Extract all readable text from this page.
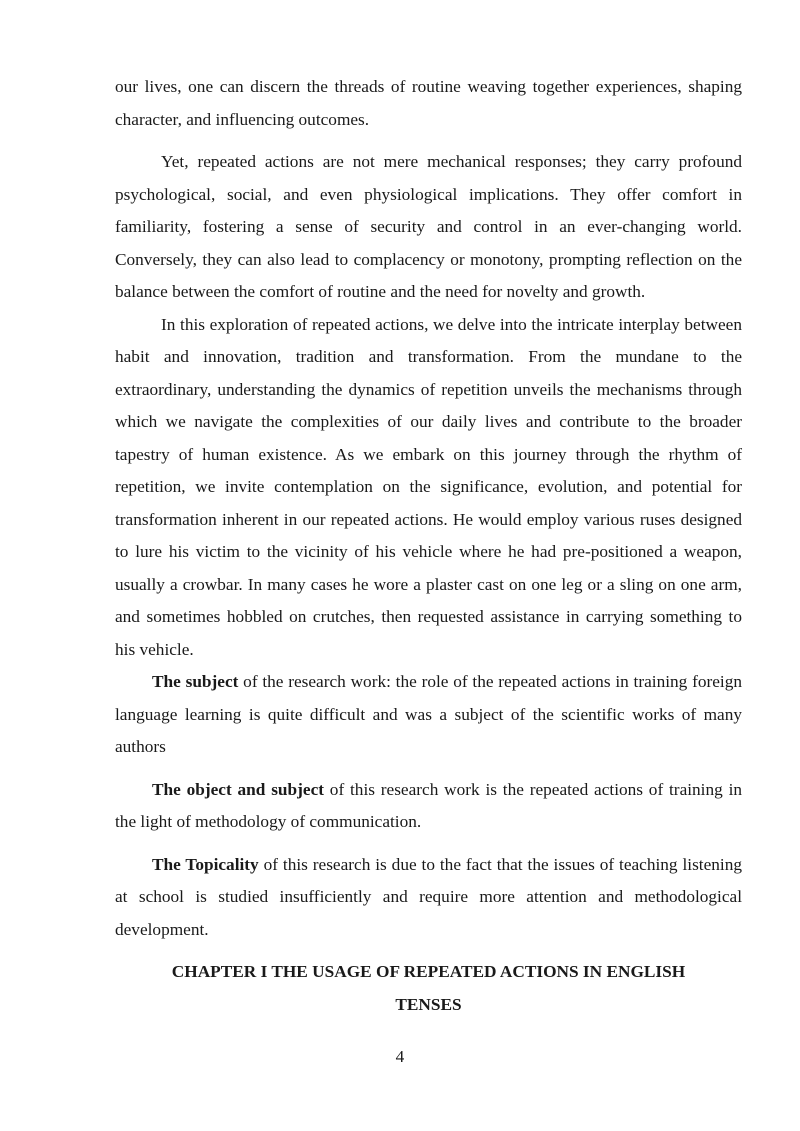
our lives, one can discern the threads of routine weaving together experiences, shaping character, and influencing outcomes.

Yet, repeated actions are not mere mechanical responses; they carry profound psychological, social, and even physiological implications. They offer comfort in familiarity, fostering a sense of security and control in an ever-changing world. Conversely, they can also lead to complacency or monotony, prompting reflection on the balance between the comfort of routine and the need for novelty and growth.

In this exploration of repeated actions, we delve into the intricate interplay between habit and innovation, tradition and transformation. From the mundane to the extraordinary, understanding the dynamics of repetition unveils the mechanisms through which we navigate the complexities of our daily lives and contribute to the broader tapestry of human existence. As we embark on this journey through the rhythm of repetition, we invite contemplation on the significance, evolution, and potential for transformation inherent in our repeated actions. He would employ various ruses designed to lure his victim to the vicinity of his vehicle where he had pre-positioned a weapon, usually a crowbar. In many cases he wore a plaster cast on one leg or a sling on one arm, and sometimes hobbled on crutches, then requested assistance in carrying something to his vehicle.

The subject of the research work: the role of the repeated actions in training foreign language learning is quite difficult and was a subject of the scientific works of many authors

The object and subject of this research work is the repeated actions of training in the light of methodology of communication.

The Topicality of this research is due to the fact that the issues of teaching listening at school is studied insufficiently and require more attention and methodological development.

CHAPTER I THE USAGE OF REPEATED ACTIONS IN ENGLISH
TENSES
4
